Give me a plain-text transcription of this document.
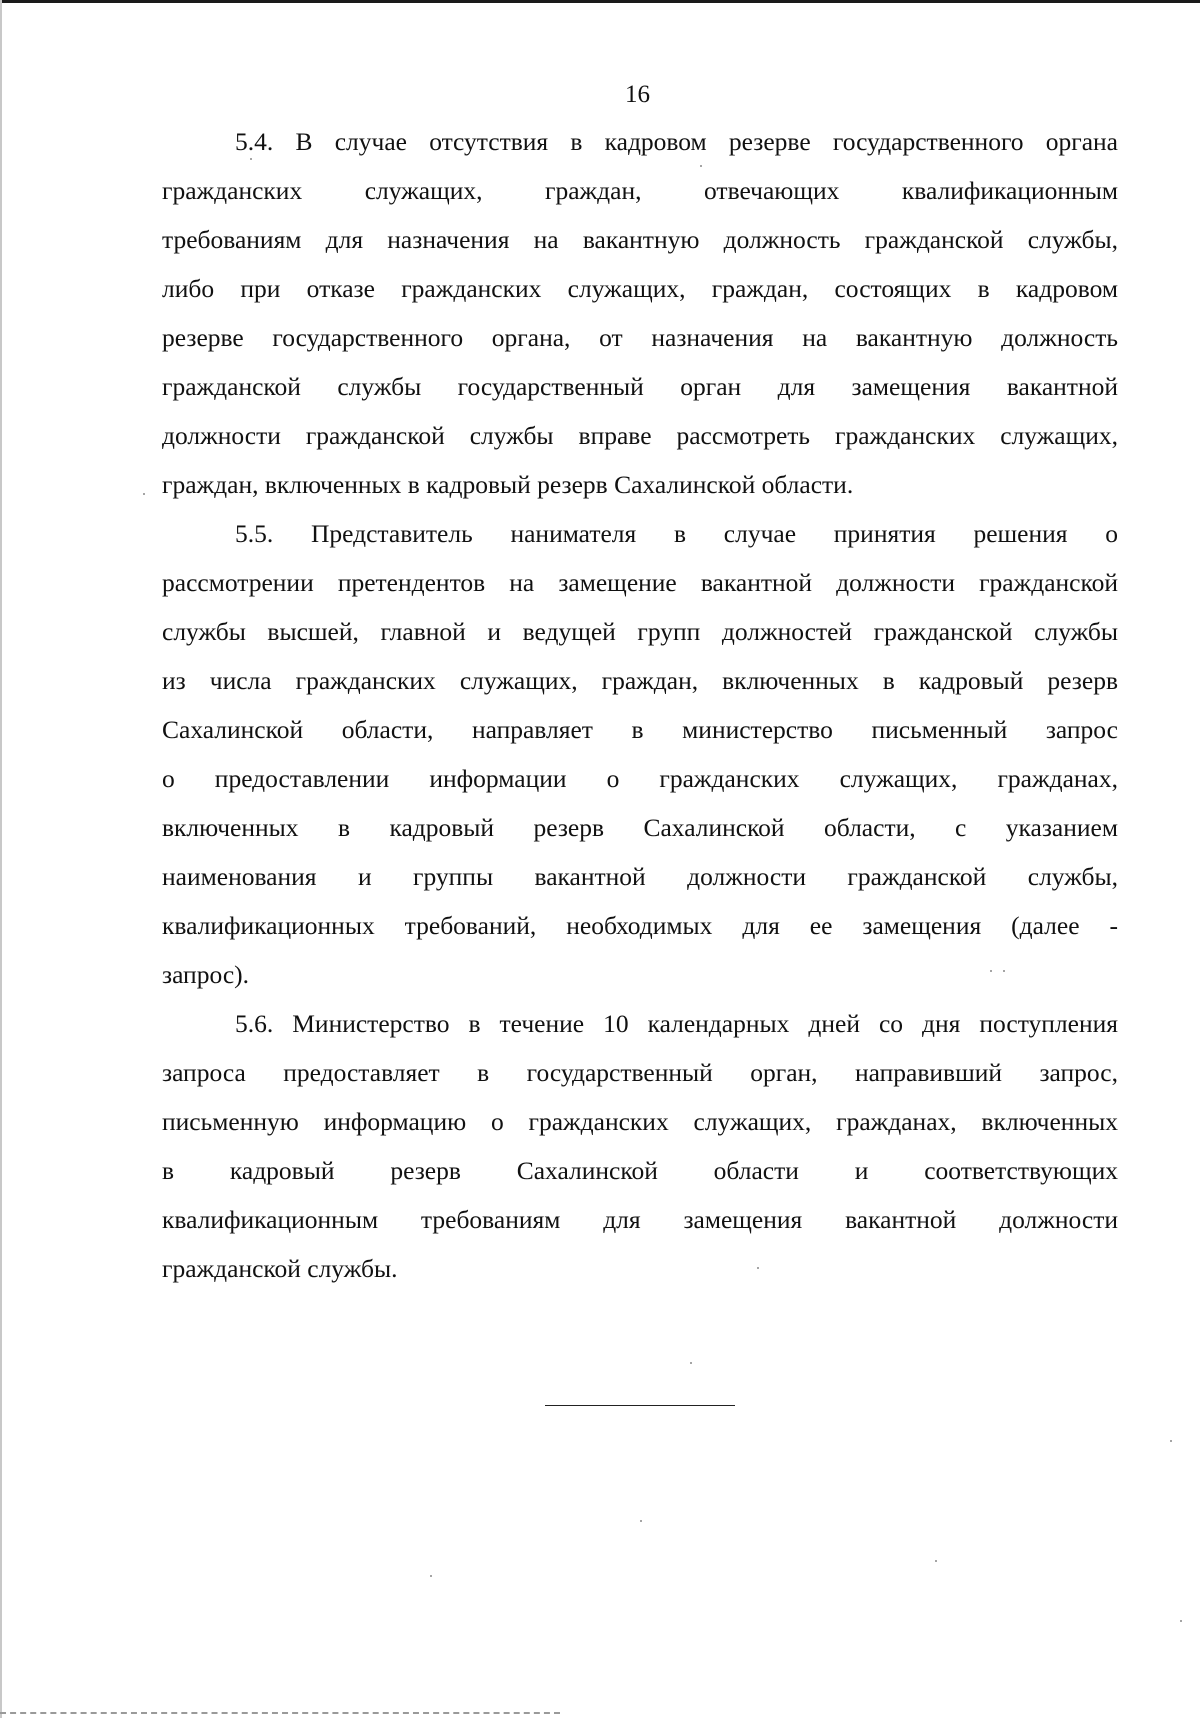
16

5.4. В случае отсутствия в кадровом резерве государственного органа
гражданских служащих, граждан, отвечающих квалификационным
требованиям для назначения на вакантную должность гражданской службы,
либо при отказе гражданских служащих, граждан, состоящих в кадровом
резерве государственного органа, от назначения на вакантную должность
гражданской службы государственный орган для замещения вакантной
должности гражданской службы вправе рассмотреть гражданских служащих,
граждан, включенных в кадровый резерв Сахалинской области.

5.5. Представитель нанимателя в случае принятия решения о
рассмотрении претендентов на замещение вакантной должности гражданской
службы высшей, главной и ведущей групп должностей гражданской службы
из числа гражданских служащих, граждан, включенных в кадровый резерв
Сахалинской области, направляет в министерство письменный запрос
о предоставлении информации о гражданских служащих, гражданах,
включенных в кадровый резерв Сахалинской области, с указанием
наименования и группы вакантной должности гражданской службы,
квалификационных требований, необходимых для ее замещения (далее -
запрос).

5.6. Министерство в течение 10 календарных дней со дня поступления
запроса предоставляет в государственный орган, направивший запрос,
письменную информацию о гражданских служащих, гражданах, включенных
в кадровый резерв Сахалинской области и соответствующих
квалификационным требованиям для замещения вакантной должности
гражданской службы.
